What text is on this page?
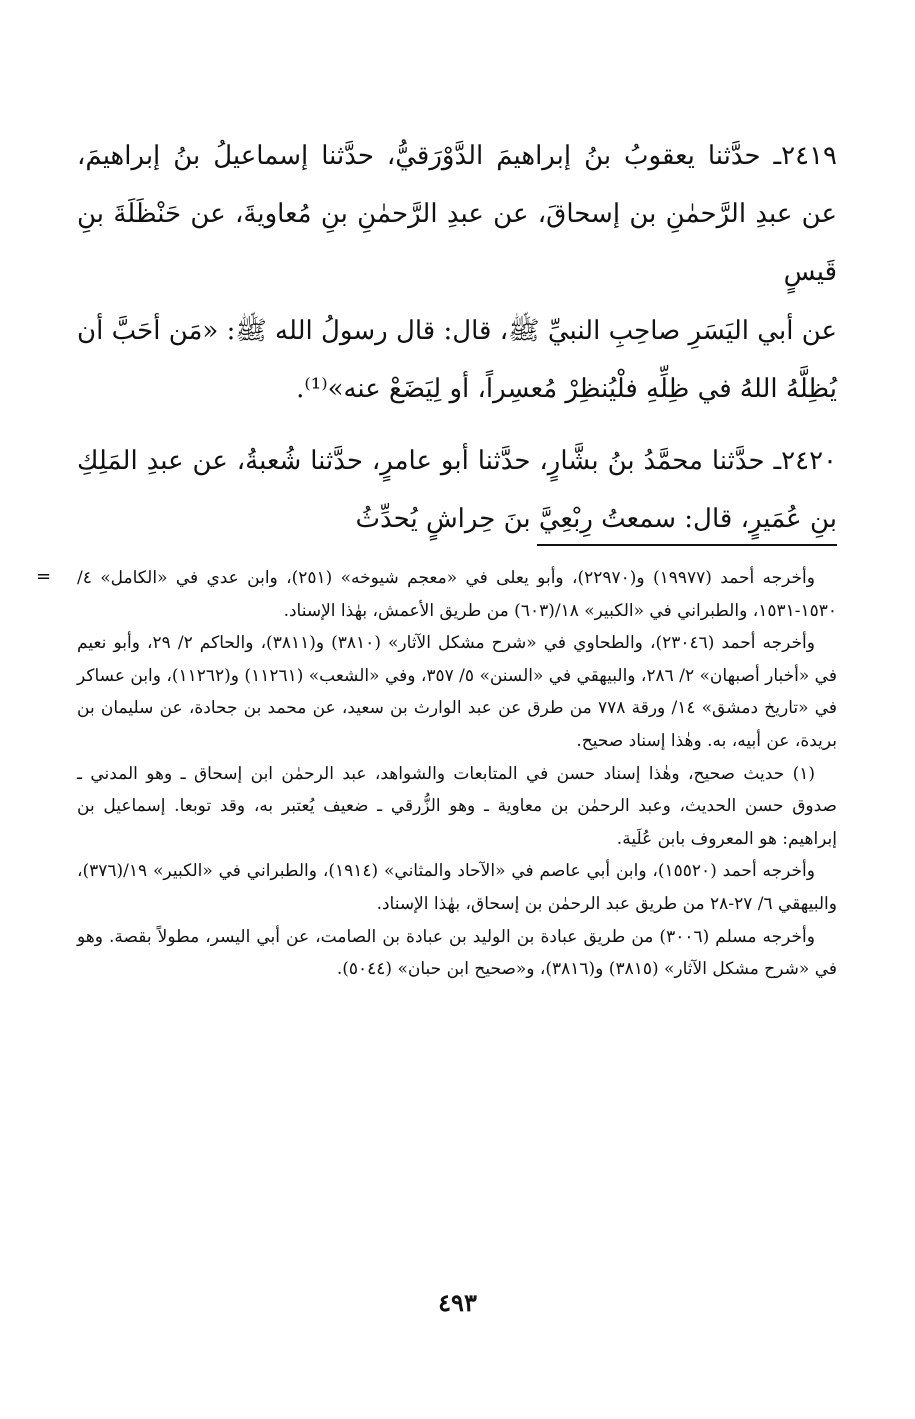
٢٤١٩ـ حدَّثنا يعقوبُ بنُ إبراهيمَ الدَّوْرَقيُّ، حدَّثنا إسماعيلُ بنُ إبراهيمَ، عن عبدِ الرَّحمٰنِ بن إسحاقَ، عن عبدِ الرَّحمٰنِ بنِ مُعاويةَ، عن حَنْظَلَةَ بنِ قَيسٍ

عن أبي اليَسَرِ صاحِبِ النبيِّ ﷺ، قال: قال رسولُ الله ﷺ: «مَن أحَبَّ أن يُظِلَّهُ اللهُ في ظِلِّهِ فلْيُنظِرْ مُعسِراً، أو لِيَضَعْ عنه»⁽¹⁾.

٢٤٢٠ـ حدَّثنا محمَّدُ بنُ بشَّارٍ، حدَّثنا أبو عامرٍ، حدَّثنا شُعبةُ، عن عبدِ المَلِكِ بنِ عُمَيرٍ، قال: سمعتُ رِبْعِيَّ بنَ حِراشٍ يُحدِّثُ

= وأخرجه أحمد (١٩٩٧٧) و(٢٢٩٧٠)، وأبو يعلى في «معجم شيوخه» (٢٥١)، وابن عدي في «الكامل» ٤/ ١٥٣٠-١٥٣١، والطبراني في «الكبير» ١٨/(٦٠٣) من طريق الأعمش، بهٰذا الإسناد.

وأخرجه أحمد (٢٣٠٤٦)، والطحاوي في «شرح مشكل الآثار» (٣٨١٠) و(٣٨١١)، والحاكم ٢/ ٢٩، وأبو نعيم في «أخبار أصبهان» ٢/ ٢٨٦، والبيهقي في «السنن» ٥/ ٣٥٧، وفي «الشعب» (١١٢٦١) و(١١٢٦٢)، وابن عساكر في «تاريخ دمشق» ١٤/ ورقة ٧٧٨ من طرق عن عبد الوارث بن سعيد، عن محمد بن جحادة، عن سليمان بن بريدة، عن أبيه، به. وهٰذا إسناد صحيح.

(١) حديث صحيح، وهٰذا إسناد حسن في المتابعات والشواهد، عبد الرحمٰن ابن إسحاق ـ وهو المدني ـ صدوق حسن الحديث، وعبد الرحمٰن بن معاوية ـ وهو الزُّرقي ـ ضعيف يُعتبر به، وقد توبعا. إسماعيل بن إبراهيم: هو المعروف بابن عُلَية.

وأخرجه أحمد (١٥٥٢٠)، وابن أبي عاصم في «الآحاد والمثاني» (١٩١٤)، والطبراني في «الكبير» ١٩/(٣٧٦)، والبيهقي ٦/ ٢٧-٢٨ من طريق عبد الرحمٰن بن إسحاق، بهٰذا الإسناد.

وأخرجه مسلم (٣٠٠٦) من طريق عبادة بن الوليد بن عبادة بن الصامت، عن أبي اليسر، مطولاً بقصة. وهو في «شرح مشكل الآثار» (٣٨١٥) و(٣٨١٦)، و«صحيح ابن حبان» (٥٠٤٤).

٤٩٣
